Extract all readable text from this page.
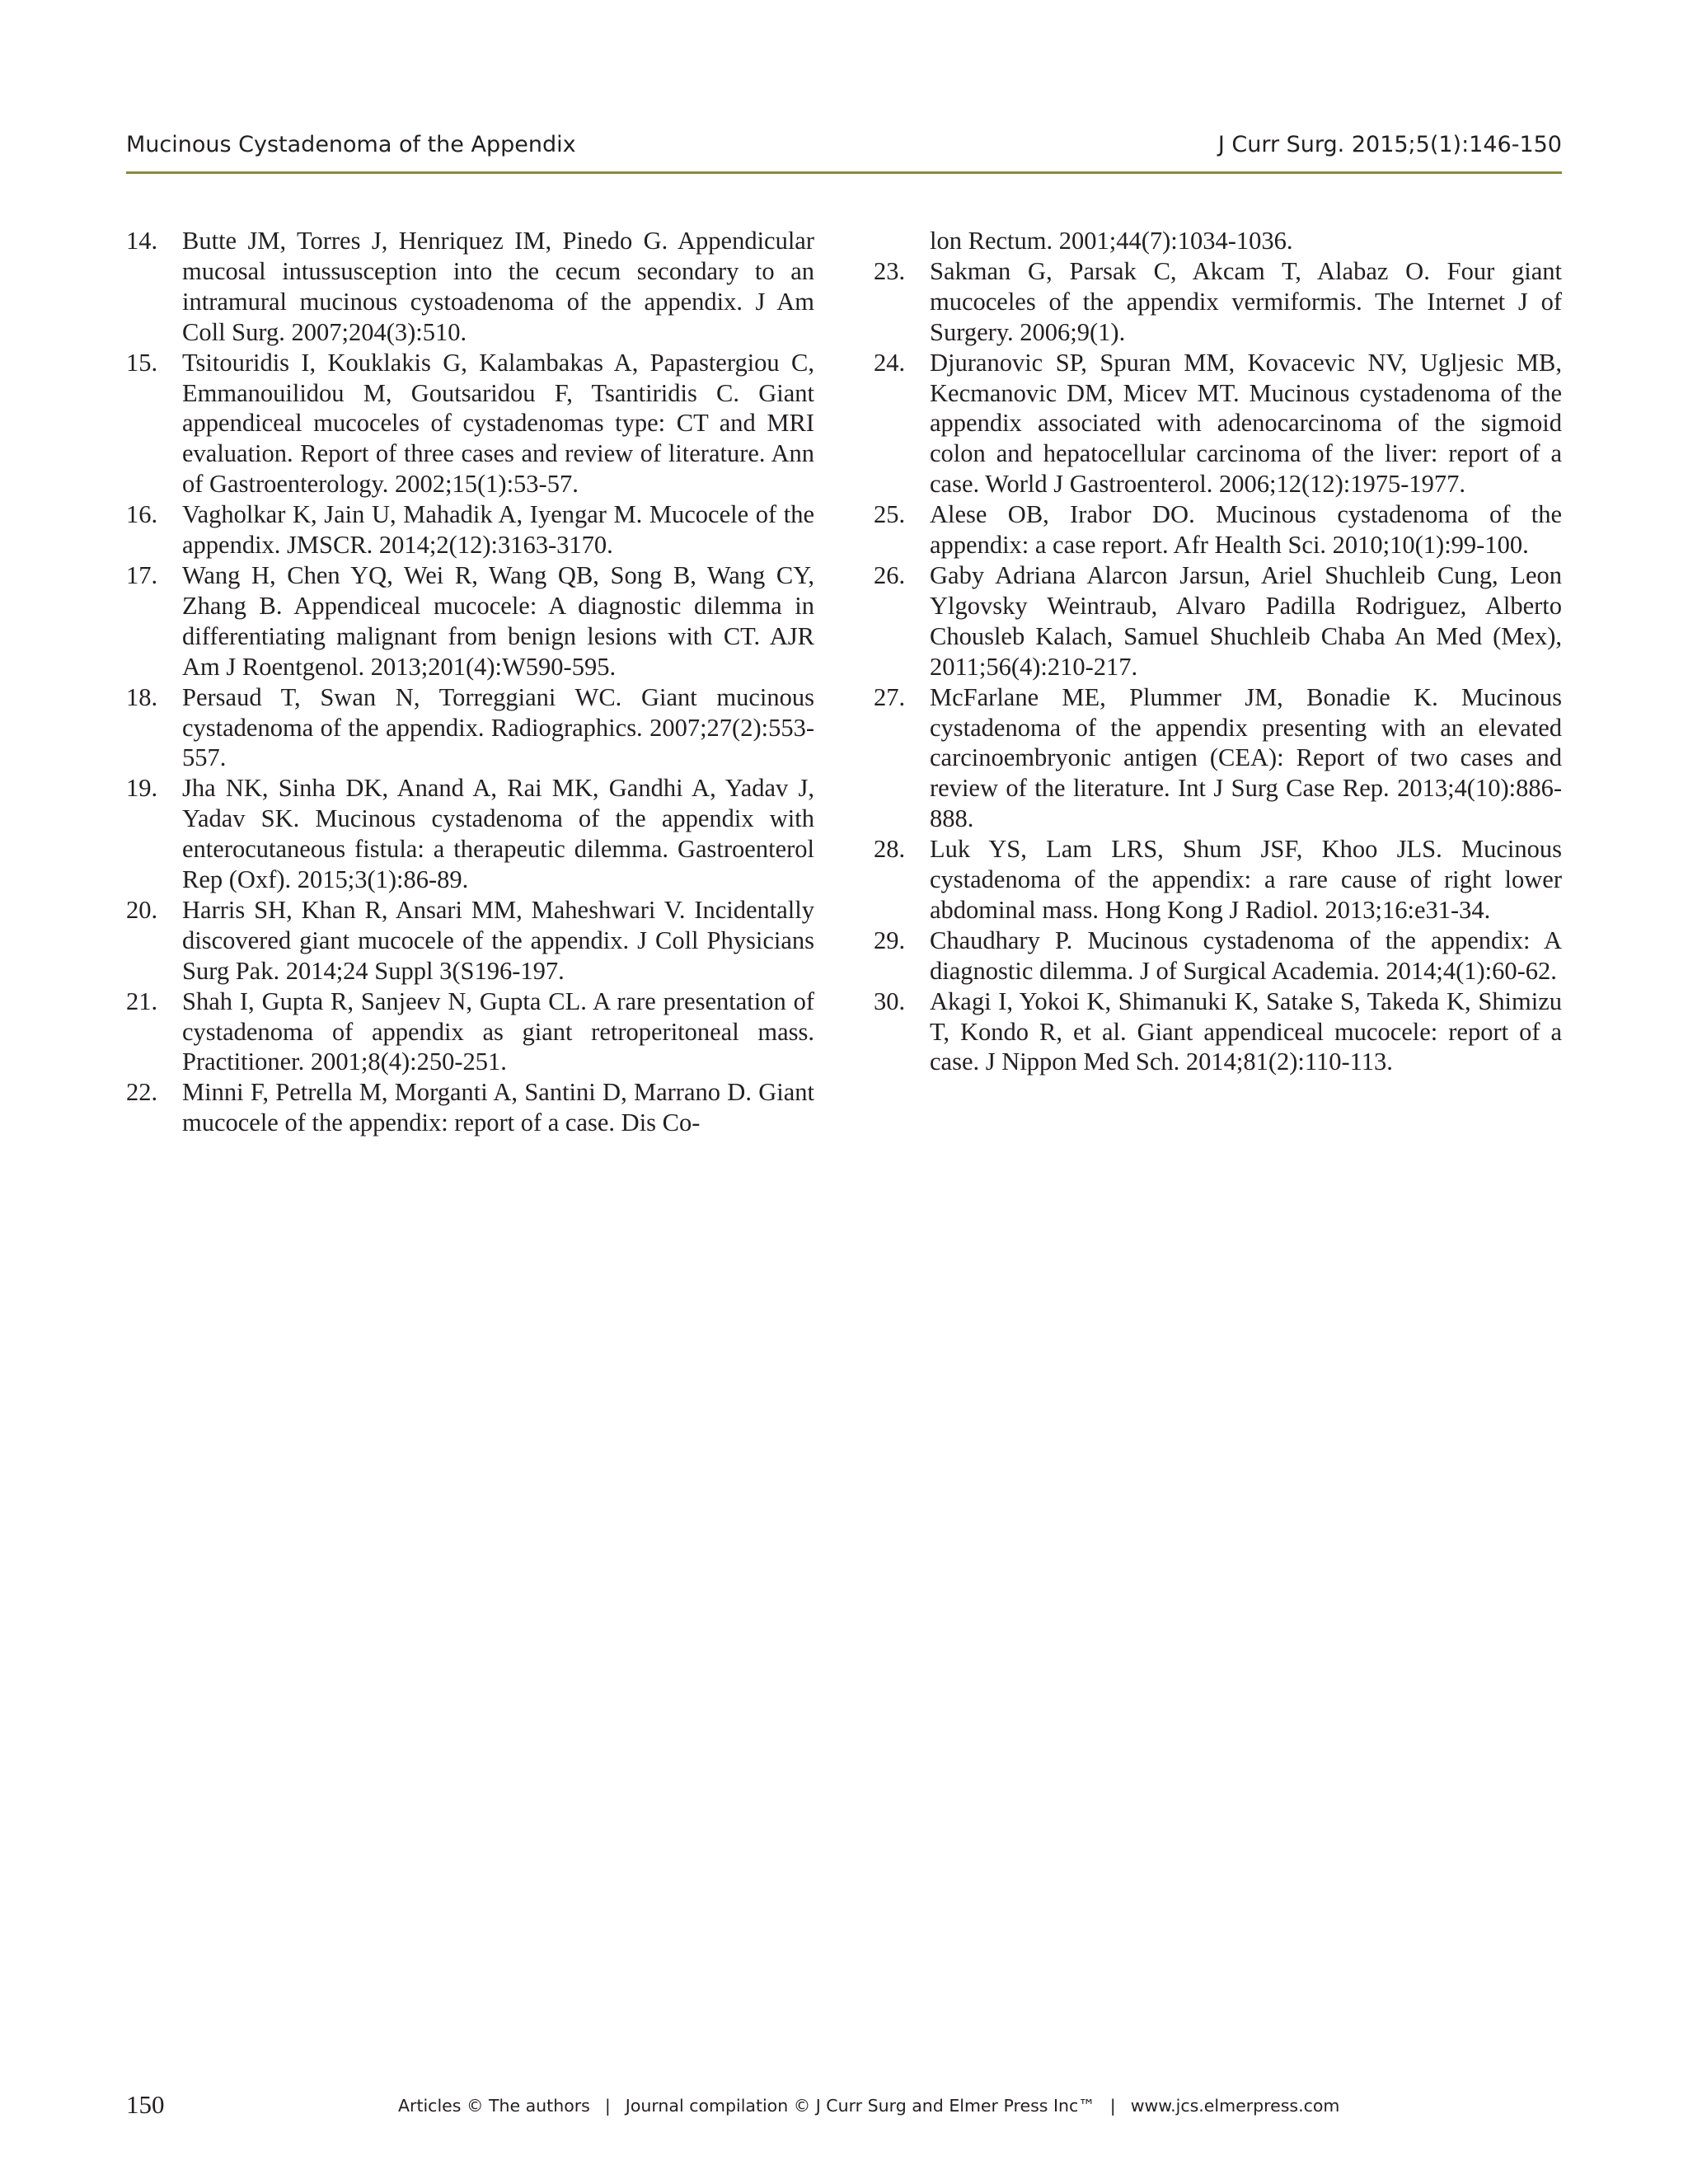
Mucinous Cystadenoma of the Appendix	J Curr Surg. 2015;5(1):146-150
14. Butte JM, Torres J, Henriquez IM, Pinedo G. Appendicular mucosal intussusception into the cecum secondary to an intramural mucinous cystoadenoma of the appendix. J Am Coll Surg. 2007;204(3):510.
15. Tsitouridis I, Kouklakis G, Kalambakas A, Papastergiou C, Emmanouilidou M, Goutsaridou F, Tsantiridis C. Giant appendiceal mucoceles of cystadenomas type: CT and MRI evaluation. Report of three cases and review of literature. Ann of Gastroenterology. 2002;15(1):53-57.
16. Vagholkar K, Jain U, Mahadik A, Iyengar M. Mucocele of the appendix. JMSCR. 2014;2(12):3163-3170.
17. Wang H, Chen YQ, Wei R, Wang QB, Song B, Wang CY, Zhang B. Appendiceal mucocele: A diagnostic dilemma in differentiating malignant from benign lesions with CT. AJR Am J Roentgenol. 2013;201(4):W590-595.
18. Persaud T, Swan N, Torreggiani WC. Giant mucinous cystadenoma of the appendix. Radiographics. 2007;27(2):553-557.
19. Jha NK, Sinha DK, Anand A, Rai MK, Gandhi A, Yadav J, Yadav SK. Mucinous cystadenoma of the appendix with enterocutaneous fistula: a therapeutic dilemma. Gastroenterol Rep (Oxf). 2015;3(1):86-89.
20. Harris SH, Khan R, Ansari MM, Maheshwari V. Incidentally discovered giant mucocele of the appendix. J Coll Physicians Surg Pak. 2014;24 Suppl 3(S196-197.
21. Shah I, Gupta R, Sanjeev N, Gupta CL. A rare presentation of cystadenoma of appendix as giant retroperitoneal mass. Practitioner. 2001;8(4):250-251.
22. Minni F, Petrella M, Morganti A, Santini D, Marrano D. Giant mucocele of the appendix: report of a case. Dis Co-
lon Rectum. 2001;44(7):1034-1036.
23. Sakman G, Parsak C, Akcam T, Alabaz O. Four giant mucoceles of the appendix vermiformis. The Internet J of Surgery. 2006;9(1).
24. Djuranovic SP, Spuran MM, Kovacevic NV, Ugljesic MB, Kecmanovic DM, Micev MT. Mucinous cystadenoma of the appendix associated with adenocarcinoma of the sigmoid colon and hepatocellular carcinoma of the liver: report of a case. World J Gastroenterol. 2006;12(12):1975-1977.
25. Alese OB, Irabor DO. Mucinous cystadenoma of the appendix: a case report. Afr Health Sci. 2010;10(1):99-100.
26. Gaby Adriana Alarcon Jarsun, Ariel Shuchleib Cung, Leon Ylgovsky Weintraub, Alvaro Padilla Rodriguez, Alberto Chousleb Kalach, Samuel Shuchleib Chaba An Med (Mex), 2011;56(4):210-217.
27. McFarlane ME, Plummer JM, Bonadie K. Mucinous cystadenoma of the appendix presenting with an elevated carcinoembryonic antigen (CEA): Report of two cases and review of the literature. Int J Surg Case Rep. 2013;4(10):886-888.
28. Luk YS, Lam LRS, Shum JSF, Khoo JLS. Mucinous cystadenoma of the appendix: a rare cause of right lower abdominal mass. Hong Kong J Radiol. 2013;16:e31-34.
29. Chaudhary P. Mucinous cystadenoma of the appendix: A diagnostic dilemma. J of Surgical Academia. 2014;4(1):60-62.
30. Akagi I, Yokoi K, Shimanuki K, Satake S, Takeda K, Shimizu T, Kondo R, et al. Giant appendiceal mucocele: report of a case. J Nippon Med Sch. 2014;81(2):110-113.
150	Articles © The authors | Journal compilation © J Curr Surg and Elmer Press Inc™ | www.jcs.elmerpress.com
